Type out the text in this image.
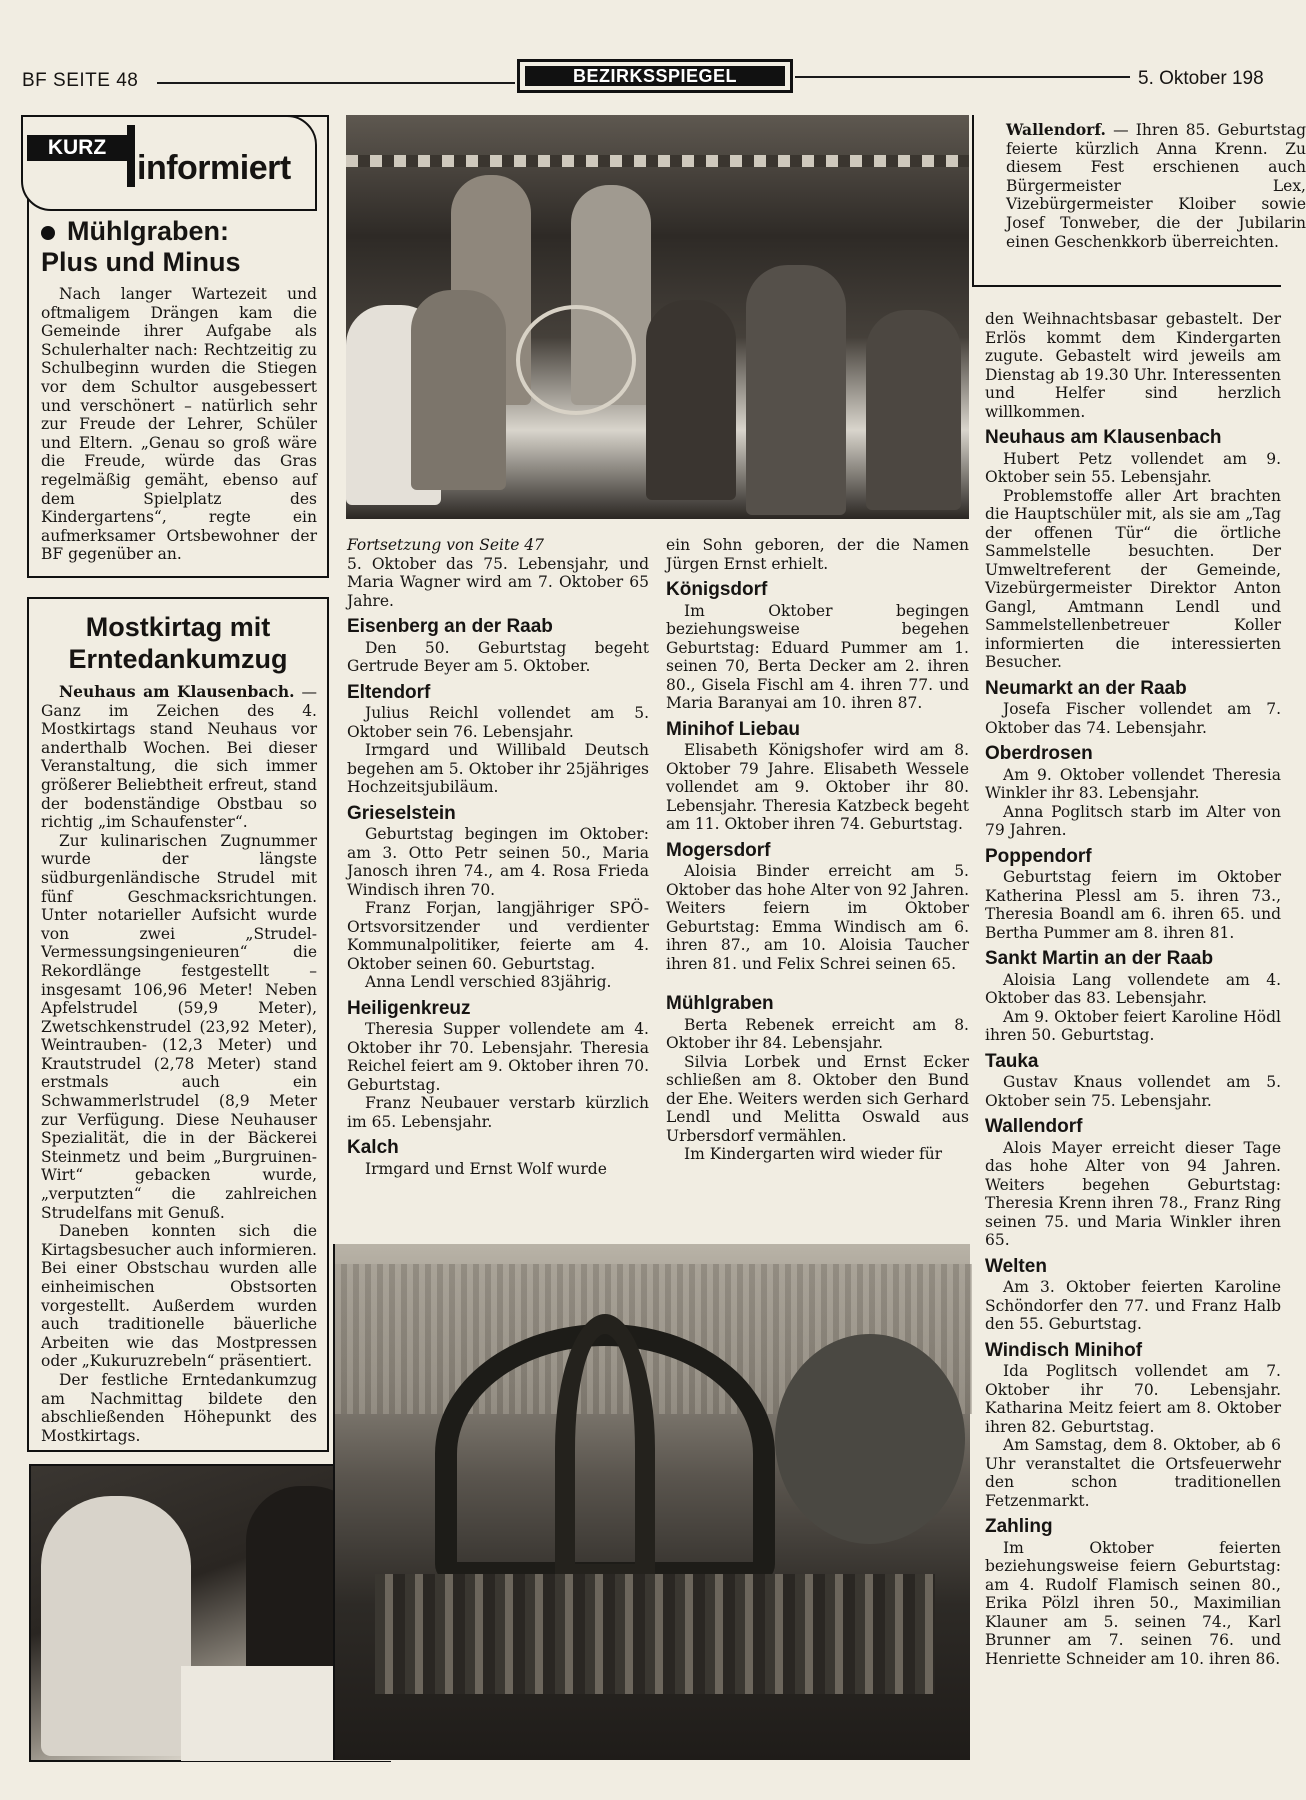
BF SEITE 48	BEZIRKSSPIEGEL	5. Oktober 198
KURZ
informiert
Mühlgraben:
Plus und Minus

Nach langer Wartezeit und oftmaligem Drängen kam die Gemeinde ihrer Aufgabe als Schulerhalter nach: Rechtzeitig zu Schulbeginn wurden die Stiegen vor dem Schultor ausgebessert und verschönert – natürlich sehr zur Freude der Lehrer, Schüler und Eltern. „Genau so groß wäre die Freude, würde das Gras regelmäßig gemäht, ebenso auf dem Spielplatz des Kindergartens“, regte ein aufmerksamer Ortsbewohner der BF gegenüber an.

Mostkirtag mit
Erntedankumzug

Neuhaus am Klausenbach. — Ganz im Zeichen des 4. Mostkirtags stand Neuhaus vor anderthalb Wochen. Bei dieser Veranstaltung, die sich immer größerer Beliebtheit erfreut, stand der bodenständige Obstbau so richtig „im Schaufenster“.

Zur kulinarischen Zugnummer wurde der längste südburgenländische Strudel mit fünf Geschmacksrichtungen. Unter notarieller Aufsicht wurde von zwei „Strudel-Vermessungsingenieuren“ die Rekordlänge festgestellt – insgesamt 106,96 Meter! Neben Apfelstrudel (59,9 Meter), Zwetschkenstrudel (23,92 Meter), Weintrauben- (12,3 Meter) und Krautstrudel (2,78 Meter) stand erstmals auch ein Schwammerlstrudel (8,9 Meter zur Verfügung. Diese Neuhauser Spezialität, die in der Bäckerei Steinmetz und beim „Burgruinen-Wirt“ gebacken wurde, „verputzten“ die zahlreichen Strudelfans mit Genuß.

Daneben konnten sich die Kirtagsbesucher auch informieren. Bei einer Obstschau wurden alle einheimischen Obstsorten vorgestellt. Außerdem wurden auch traditionelle bäuerliche Arbeiten wie das Mostpressen oder „Kukuruzrebeln“ präsentiert.

Der festliche Erntedankumzug am Nachmittag bildete den abschließenden Höhepunkt des Mostkirtags.

Wallendorf. — Ihren 85. Geburtstag feierte kürzlich Anna Krenn. Zu diesem Fest erschienen auch Bürgermeister Lex, Vizebürgermeister Kloiber sowie Josef Tonweber, die der Jubilarin einen Geschenkkorb überreichten.

Fortsetzung von Seite 47
5. Oktober das 75. Lebensjahr, und Maria Wagner wird am 7. Oktober 65 Jahre.
Eisenberg an der Raab

Den 50. Geburtstag begeht Gertrude Beyer am 5. Oktober.

Eltendorf

Julius Reichl vollendet am 5. Oktober sein 76. Lebensjahr.

Irmgard und Willibald Deutsch begehen am 5. Oktober ihr 25jähriges Hochzeitsjubiläum.

Grieselstein

Geburtstag begingen im Oktober: am 3. Otto Petr seinen 50., Maria Janosch ihren 74., am 4. Rosa Frieda Windisch ihren 70.

Franz Forjan, langjähriger SPÖ-Ortsvorsitzender und verdienter Kommunalpolitiker, feierte am 4. Oktober seinen 60. Geburtstag.

Anna Lendl verschied 83jährig.

Heiligenkreuz

Theresia Supper vollendete am 4. Oktober ihr 70. Lebensjahr. Theresia Reichel feiert am 9. Oktober ihren 70. Geburtstag.

Franz Neubauer verstarb kürzlich im 65. Lebensjahr.

Kalch

Irmgard und Ernst Wolf wurde

ein Sohn geboren, der die Namen Jürgen Ernst erhielt.
Königsdorf

Im Oktober begingen beziehungsweise begehen Geburtstag: Eduard Pummer am 1. seinen 70, Berta Decker am 2. ihren 80., Gisela Fischl am 4. ihren 77. und Maria Baranyai am 10. ihren 87.

Minihof Liebau

Elisabeth Königshofer wird am 8. Oktober 79 Jahre. Elisabeth Wessele vollendet am 9. Oktober ihr 80. Lebensjahr. Theresia Katzbeck begeht am 11. Oktober ihren 74. Geburtstag.

Mogersdorf

Aloisia Binder erreicht am 5. Oktober das hohe Alter von 92 Jahren. Weiters feiern im Oktober Geburtstag: Emma Windisch am 6. ihren 87., am 10. Aloisia Taucher ihren 81. und Felix Schrei seinen 65.

Mühlgraben

Berta Rebenek erreicht am 8. Oktober ihr 84. Lebensjahr.

Silvia Lorbek und Ernst Ecker schließen am 8. Oktober den Bund der Ehe. Weiters werden sich Gerhard Lendl und Melitta Oswald aus Urbersdorf vermählen.

Im Kindergarten wird wieder für

den Weihnachtsbasar gebastelt. Der Erlös kommt dem Kindergarten zugute. Gebastelt wird jeweils am Dienstag ab 19.30 Uhr. Interessenten und Helfer sind herzlich willkommen.
Neuhaus am Klausenbach

Hubert Petz vollendet am 9. Oktober sein 55. Lebensjahr.

Problemstoffe aller Art brachten die Hauptschüler mit, als sie am „Tag der offenen Tür“ die örtliche Sammelstelle besuchten. Der Umweltreferent der Gemeinde, Vizebürgermeister Direktor Anton Gangl, Amtmann Lendl und Sammelstellenbetreuer Koller informierten die interessierten Besucher.

Neumarkt an der Raab

Josefa Fischer vollendet am 7. Oktober das 74. Lebensjahr.

Oberdrosen

Am 9. Oktober vollendet Theresia Winkler ihr 83. Lebensjahr.

Anna Poglitsch starb im Alter von 79 Jahren.

Poppendorf

Geburtstag feiern im Oktober Katherina Plessl am 5. ihren 73., Theresia Boandl am 6. ihren 65. und Bertha Pummer am 8. ihren 81.

Sankt Martin an der Raab

Aloisia Lang vollendete am 4. Oktober das 83. Lebensjahr.

Am 9. Oktober feiert Karoline Hödl ihren 50. Geburtstag.

Tauka

Gustav Knaus vollendet am 5. Oktober sein 75. Lebensjahr.

Wallendorf

Alois Mayer erreicht dieser Tage das hohe Alter von 94 Jahren. Weiters begehen Geburtstag: Theresia Krenn ihren 78., Franz Ring seinen 75. und Maria Winkler ihren 65.

Welten

Am 3. Oktober feierten Karoline Schöndorfer den 77. und Franz Halb den 55. Geburtstag.

Windisch Minihof

Ida Poglitsch vollendet am 7. Oktober ihr 70. Lebensjahr. Katharina Meitz feiert am 8. Oktober ihren 82. Geburtstag.

Am Samstag, dem 8. Oktober, ab 6 Uhr veranstaltet die Ortsfeuerwehr den schon traditionellen Fetzenmarkt.

Zahling

Im Oktober feierten beziehungsweise feiern Geburtstag: am 4. Rudolf Flamisch seinen 80., Erika Pölzl ihren 50., Maximilian Klauner am 5. seinen 74., Karl Brunner am 7. seinen 76. und Henriette Schneider am 10. ihren 86.
